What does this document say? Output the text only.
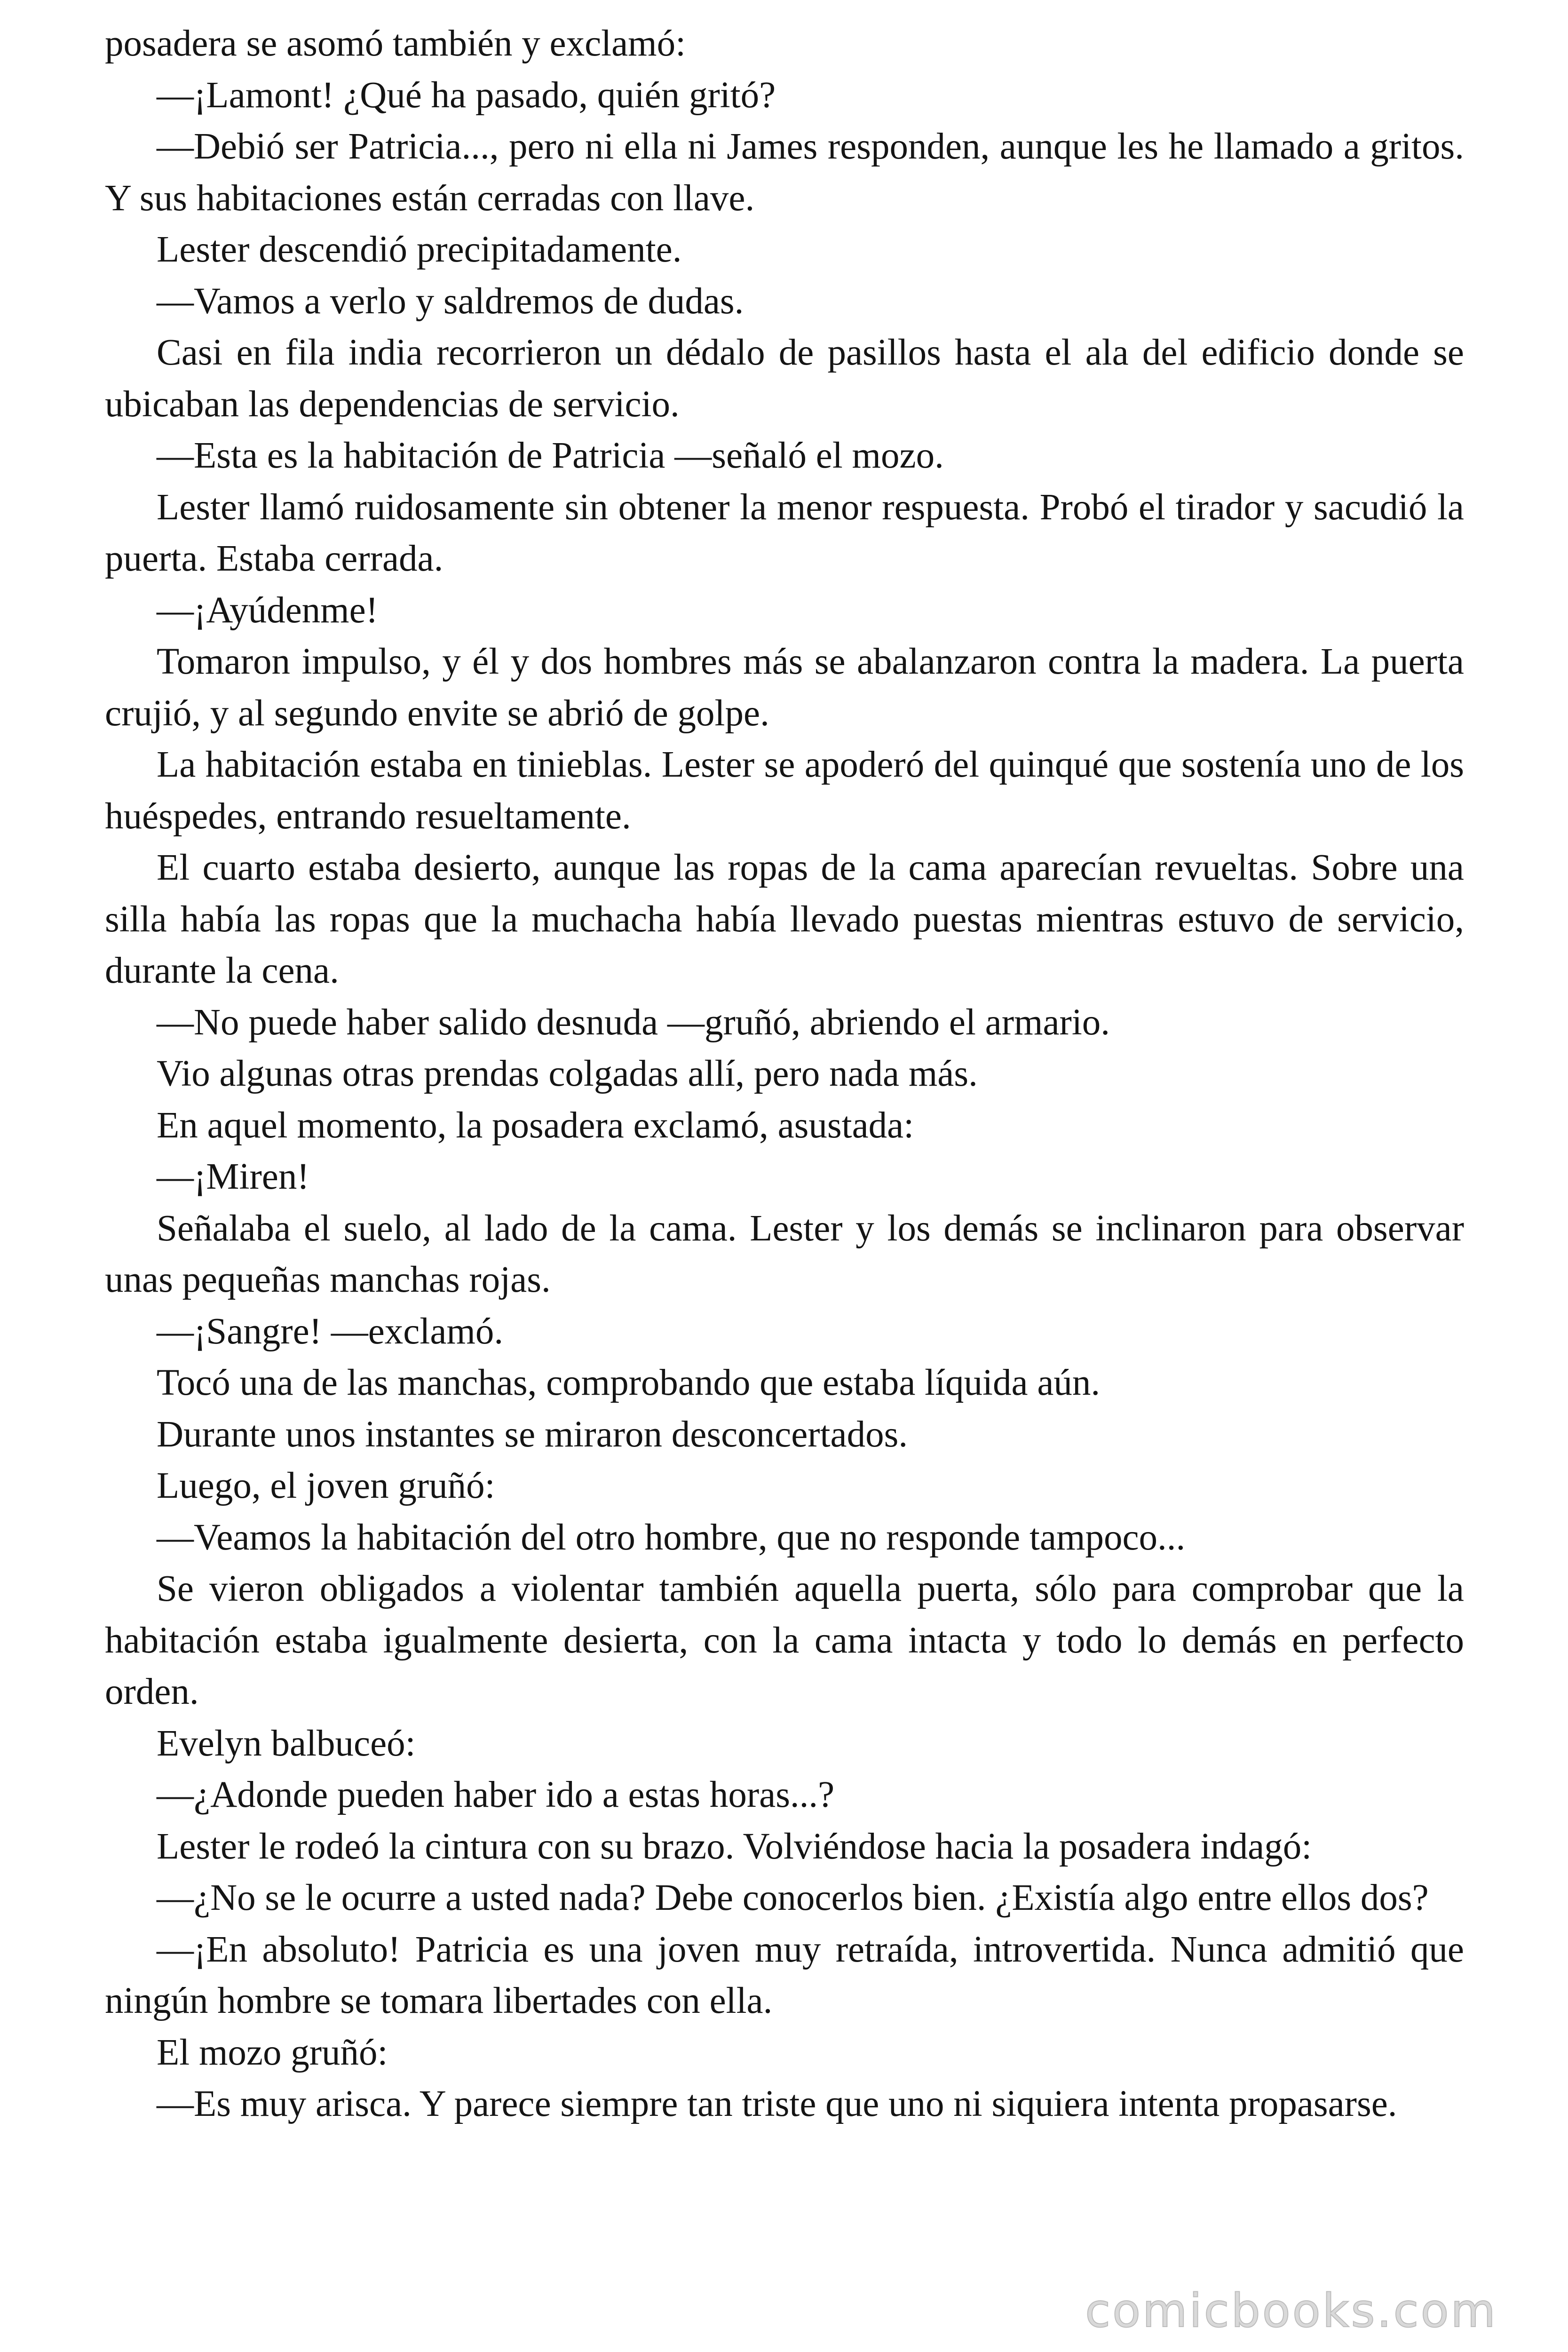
posadera se asomó también y exclamó:

—¡Lamont! ¿Qué ha pasado, quién gritó?

—Debió ser Patricia..., pero ni ella ni James responden, aunque les he llamado a gritos. Y sus habitaciones están cerradas con llave.

Lester descendió precipitadamente.

—Vamos a verlo y saldremos de dudas.

Casi en fila india recorrieron un dédalo de pasillos hasta el ala del edificio donde se ubicaban las dependencias de servicio.

—Esta es la habitación de Patricia —señaló el mozo.

Lester llamó ruidosamente sin obtener la menor respuesta. Probó el tirador y sacudió la puerta. Estaba cerrada.

—¡Ayúdenme!

Tomaron impulso, y él y dos hombres más se abalanzaron contra la madera. La puerta crujió, y al segundo envite se abrió de golpe.

La habitación estaba en tinieblas. Lester se apoderó del quinqué que sostenía uno de los huéspedes, entrando resueltamente.

El cuarto estaba desierto, aunque las ropas de la cama aparecían revueltas. Sobre una silla había las ropas que la muchacha había llevado puestas mientras estuvo de servicio, durante la cena.

—No puede haber salido desnuda —gruñó, abriendo el armario.

Vio algunas otras prendas colgadas allí, pero nada más.

En aquel momento, la posadera exclamó, asustada:

—¡Miren!

Señalaba el suelo, al lado de la cama. Lester y los demás se inclinaron para observar unas pequeñas manchas rojas.

—¡Sangre! —exclamó.

Tocó una de las manchas, comprobando que estaba líquida aún.

Durante unos instantes se miraron desconcertados.

Luego, el joven gruñó:

—Veamos la habitación del otro hombre, que no responde tampoco...

Se vieron obligados a violentar también aquella puerta, sólo para comprobar que la habitación estaba igualmente desierta, con la cama intacta y todo lo demás en perfecto orden.

Evelyn balbuceó:

—¿Adonde pueden haber ido a estas horas...?

Lester le rodeó la cintura con su brazo. Volviéndose hacia la posadera indagó:

—¿No se le ocurre a usted nada? Debe conocerlos bien. ¿Existía algo entre ellos dos?

—¡En absoluto! Patricia es una joven muy retraída, introvertida. Nunca admitió que ningún hombre se tomara libertades con ella.

El mozo gruñó:

—Es muy arisca. Y parece siempre tan triste que uno ni siquiera intenta propasarse.

comicbooks.com
